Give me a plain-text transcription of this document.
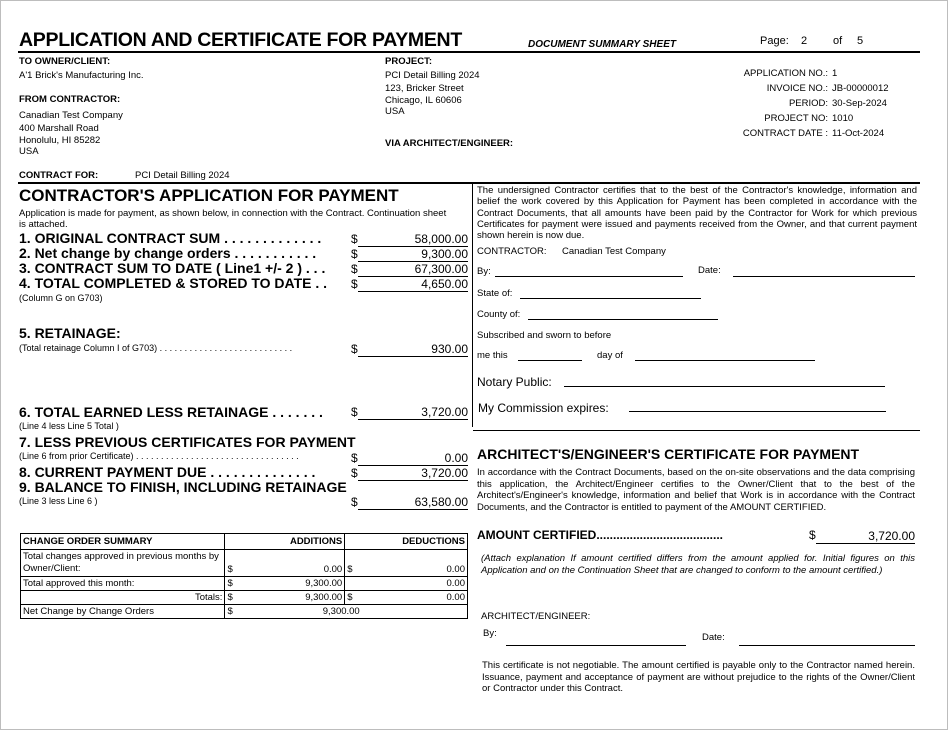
APPLICATION AND CERTIFICATE FOR PAYMENT	DOCUMENT SUMMARY SHEET	Page: 2 of 5
TO OWNER/CLIENT:
A'1 Brick's Manufacturing Inc.
FROM CONTRACTOR:
Canadian Test Company
400 Marshall Road
Honolulu, HI 85282
USA
PROJECT:
PCI Detail Billing 2024
123, Bricker Street
Chicago, IL 60606
USA
VIA ARCHITECT/ENGINEER:
APPLICATION NO.: 1
INVOICE NO.: JB-00000012
PERIOD: 30-Sep-2024
PROJECT NO: 1010
CONTRACT DATE : 11-Oct-2024
CONTRACT FOR:	PCI Detail Billing 2024
CONTRACTOR'S APPLICATION FOR PAYMENT
Application is made for payment, as shown below, in connection with the Contract. Continuation sheet
is attached.
1. ORIGINAL CONTRACT SUM . . . . . . . . . . . . . $	58,000.00
2. Net change by change orders . . . . . . . . . . .	$	9,300.00
3. CONTRACT SUM TO DATE ( Line1 +/- 2 ) . . . $	67,300.00
4. TOTAL COMPLETED & STORED TO DATE . . $	4,650.00
(Column G on G703)
5. RETAINAGE:
(Total retainage Column I of G703) . . . . . . . . . . . . . . . . . . . . . . . . . . .	$	930.00
6. TOTAL EARNED LESS RETAINAGE . . . . . . . $	3,720.00
(Line 4 less Line 5 Total )
7. LESS PREVIOUS CERTIFICATES FOR PAYMENT
(Line 6 from prior Certificate) . . . . . . . . . . . . . . . . . . . . . . . . . . . . . . . . .	$	0.00
8. CURRENT PAYMENT DUE . . . . . . . . . . . . . .	$	3,720.00
9. BALANCE TO FINISH, INCLUDING RETAINAGE
(Line 3 less Line 6 )	$	63,580.00
CHANGE ORDER SUMMARY	ADDITIONS	DEDUCTIONS
Total changes approved in previous months by Owner/Client:	$ 0.00	$ 0.00

Total approved this month:	$ 9,300.00	0.00

Totals:	$ 9,300.00	$ 0.00

Net Change by Change Orders	$ 9,300.00	
The undersigned Contractor certifies that to the best of the Contractor's knowledge, information and belief the work covered by this Application for Payment has been completed in accordance with the Contract Documents, that all amounts have been paid by the Contractor for Work for which previous Certificates for payment were issued and payments received from the Owner, and that current payment shown herein is now due.
CONTRACTOR: Canadian Test Company
By:	Date:
State of:
County of:
Subscribed and sworn to before
me this	day of
Notary Public:
My Commission expires:
ARCHITECT'S/ENGINEER'S CERTIFICATE FOR PAYMENT
In accordance with the Contract Documents, based on the on-site observations and the data comprising this application, the Architect/Engineer certifies to the Owner/Client that to the best of the Architect's/Engineer's knowledge, information and belief that Work is in accordance with the Contract Documents, and the Contractor is entitled to payment of the AMOUNT CERTIFIED.
AMOUNT CERTIFIED......................................	$	3,720.00
(Attach explanation If amount certified differs from the amount applied for. Initial figures on this Application and on the Continuation Sheet that are changed to conform to the amount certified.)
ARCHITECT/ENGINEER:
By:	Date:
This certificate is not negotiable. The amount certified is payable only to the Contractor named herein. Issuance, payment and acceptance of payment are without prejudice to the rights of the Owner/Client or Contractor under this Contract.
